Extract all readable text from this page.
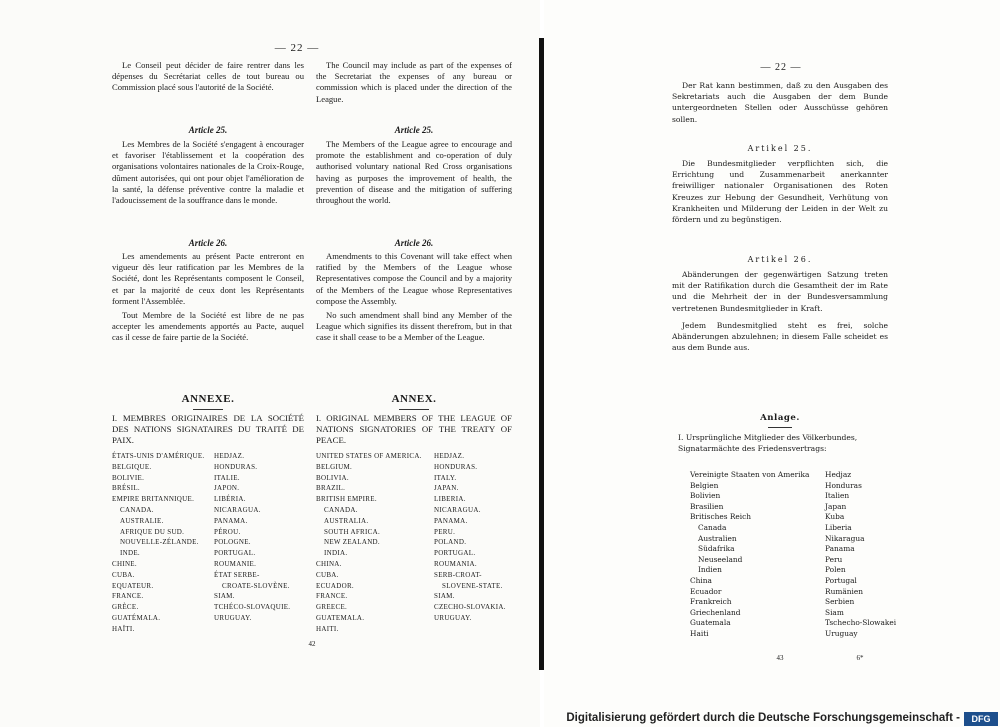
— 22 —

Le Conseil peut décider de faire rentrer dans les dépenses du Secrétariat celles de tout bureau ou Commission placé sous l'autorité de la Société.

The Council may include as part of the expenses of the Secretariat the expenses of any bureau or commission which is placed under the direction of the League.

Article 25.	Article 25.

Les Membres de la Société s'engagent à encourager et favoriser l'établissement et la coopération des organisations volontaires nationales de la Croix-Rouge, dûment autorisées, qui ont pour objet l'amélioration de la santé, la défense préventive contre la maladie et l'adoucissement de la souffrance dans le monde.

The Members of the League agree to encourage and promote the establishment and co-operation of duly authorised voluntary national Red Cross organisations having as purposes the improvement of health, the prevention of disease and the mitigation of suffering throughout the world.

Article 26.	Article 26.

Les amendements au présent Pacte entreront en vigueur dès leur ratification par les Membres de la Société, dont les Représentants composent le Conseil, et par la majorité de ceux dont les Représentants forment l'Assemblée.

Tout Membre de la Société est libre de ne pas accepter les amendements apportés au Pacte, auquel cas il cesse de faire partie de la Société.

Amendments to this Covenant will take effect when ratified by the Members of the League whose Representatives compose the Council and by a majority of the Members of the League whose Representatives compose the Assembly.

No such amendment shall bind any Member of the League which signifies its dissent therefrom, but in that case it shall cease to be a Member of the League.

ANNEXE.	ANNEX.
I. MEMBRES ORIGINAIRES DE LA SOCIÉTÉ DES NATIONS SIGNATAIRES DU TRAITÉ DE PAIX.
I. ORIGINAL MEMBERS OF THE LEAGUE OF NATIONS SIGNATORIES OF THE TREATY OF PEACE.
ÉTATS-UNIS D'AMÉRIQUE.
BELGIQUE.
BOLIVIE.
BRÉSIL.
EMPIRE BRITANNIQUE.
CANADA.
AUSTRALIE.
AFRIQUE DU SUD.
NOUVELLE-ZÉLANDE.
INDE.
CHINE.
CUBA.
EQUATEUR.
FRANCE.
GRÈCE.
GUATÉMALA.
HAÏTI.
HEDJAZ.
HONDURAS.
ITALIE.
JAPON.
LIBÉRIA.
NICARAGUA.
PANAMA.
PÉROU.
POLOGNE.
PORTUGAL.
ROUMANIE.
ÉTAT SERBE-
CROATE-SLOVÈNE.
SIAM.
TCHÉCO-SLOVAQUIE.
URUGUAY.
UNITED STATES OF AMERICA.
BELGIUM.
BOLIVIA.
BRAZIL.
BRITISH EMPIRE.
CANADA.
AUSTRALIA.
SOUTH AFRICA.
NEW ZEALAND.
INDIA.
CHINA.
CUBA.
ECUADOR.
FRANCE.
GREECE.
GUATEMALA.
HAITI.
HEDJAZ.
HONDURAS.
ITALY.
JAPAN.
LIBERIA.
NICARAGUA.
PANAMA.
PERU.
POLAND.
PORTUGAL.
ROUMANIA.
SERB-CROAT-
SLOVENE-STATE.
SIAM.
CZECHO-SLOVAKIA.
URUGUAY.
42
— 22 —

Der Rat kann bestimmen, daß zu den Ausgaben des Sekretariats auch die Ausgaben der dem Bunde untergeordneten Stellen oder Ausschüsse gehören sollen.

Artikel 25.

Die Bundesmitglieder verpflichten sich, die Errichtung und Zusammenarbeit anerkannter freiwilliger nationaler Organisationen des Roten Kreuzes zur Hebung der Gesundheit, Verhütung von Krankheiten und Milderung der Leiden in der Welt zu fördern und zu begünstigen.

Artikel 26.

Abänderungen der gegenwärtigen Satzung treten mit der Ratifikation durch die Gesamtheit der im Rate und die Mehrheit der in der Bundesversammlung vertretenen Bundesmitglieder in Kraft.

Jedem Bundesmitglied steht es frei, solche Abänderungen abzulehnen; in diesem Falle scheidet es aus dem Bunde aus.

Anlage.
I. Ursprüngliche Mitglieder des Völkerbundes, Signatarmächte des Friedensvertrags:
Vereinigte Staaten von Amerika
Belgien
Bolivien
Brasilien
Britisches Reich
Canada
Australien
Südafrika
Neuseeland
Indien
China
Ecuador
Frankreich
Griechenland
Guatemala
Haiti
Hedjaz
Honduras
Italien
Japan
Kuba
Liberia
Nikaragua
Panama
Peru
Polen
Portugal
Rumänien
Serbien
Siam
Tschecho-Slowakei
Uruguay
43	6*
Digitalisierung gefördert durch die Deutsche Forschungsgemeinschaft -	DFG
